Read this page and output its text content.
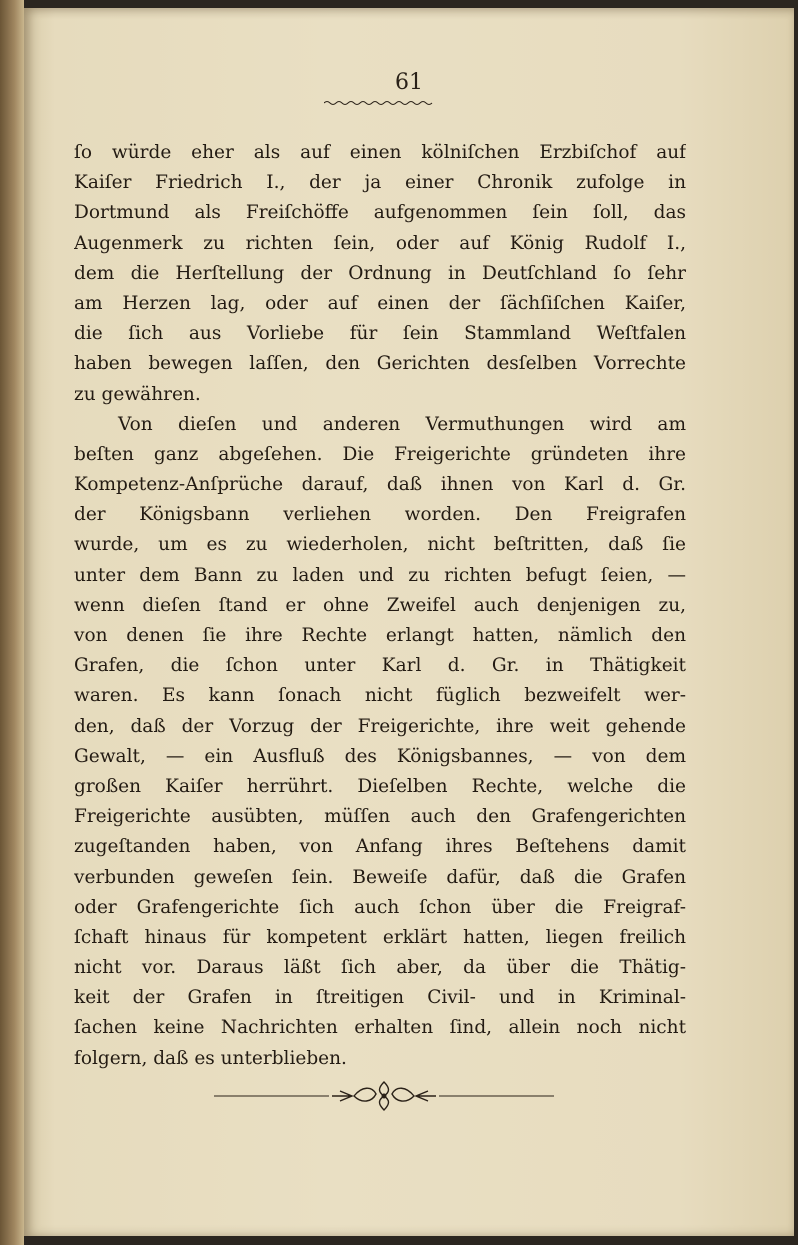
61
ſo würde eher als auf einen kölniſchen Erzbiſchof auf
Kaiſer Friedrich I., der ja einer Chronik zufolge in
Dortmund als Freiſchöffe aufgenommen ſein ſoll, das
Augenmerk zu richten ſein, oder auf König Rudolf I.,
dem die Herſtellung der Ordnung in Deutſchland ſo ſehr
am Herzen lag, oder auf einen der ſächſiſchen Kaiſer,
die ſich aus Vorliebe für ſein Stammland Weſtfalen
haben bewegen laſſen, den Gerichten desſelben Vorrechte
zu gewähren.
Von dieſen und anderen Vermuthungen wird am
beſten ganz abgeſehen. Die Freigerichte gründeten ihre
Kompetenz-Anſprüche darauf, daß ihnen von Karl d. Gr.
der Königsbann verliehen worden. Den Freigrafen
wurde, um es zu wiederholen, nicht beſtritten, daß ſie
unter dem Bann zu laden und zu richten befugt ſeien, —
wenn dieſen ſtand er ohne Zweifel auch denjenigen zu,
von denen ſie ihre Rechte erlangt hatten, nämlich den
Grafen, die ſchon unter Karl d. Gr. in Thätigkeit
waren. Es kann ſonach nicht füglich bezweifelt wer-
den, daß der Vorzug der Freigerichte, ihre weit gehende
Gewalt, — ein Ausfluß des Königsbannes, — von dem
großen Kaiſer herrührt. Dieſelben Rechte, welche die
Freigerichte ausübten, müſſen auch den Grafengerichten
zugeſtanden haben, von Anfang ihres Beſtehens damit
verbunden geweſen ſein. Beweiſe dafür, daß die Grafen
oder Grafengerichte ſich auch ſchon über die Freigraf-
ſchaft hinaus für kompetent erklärt hatten, liegen freilich
nicht vor. Daraus läßt ſich aber, da über die Thätig-
keit der Grafen in ſtreitigen Civil- und in Kriminal-
ſachen keine Nachrichten erhalten ſind, allein noch nicht
folgern, daß es unterblieben.
